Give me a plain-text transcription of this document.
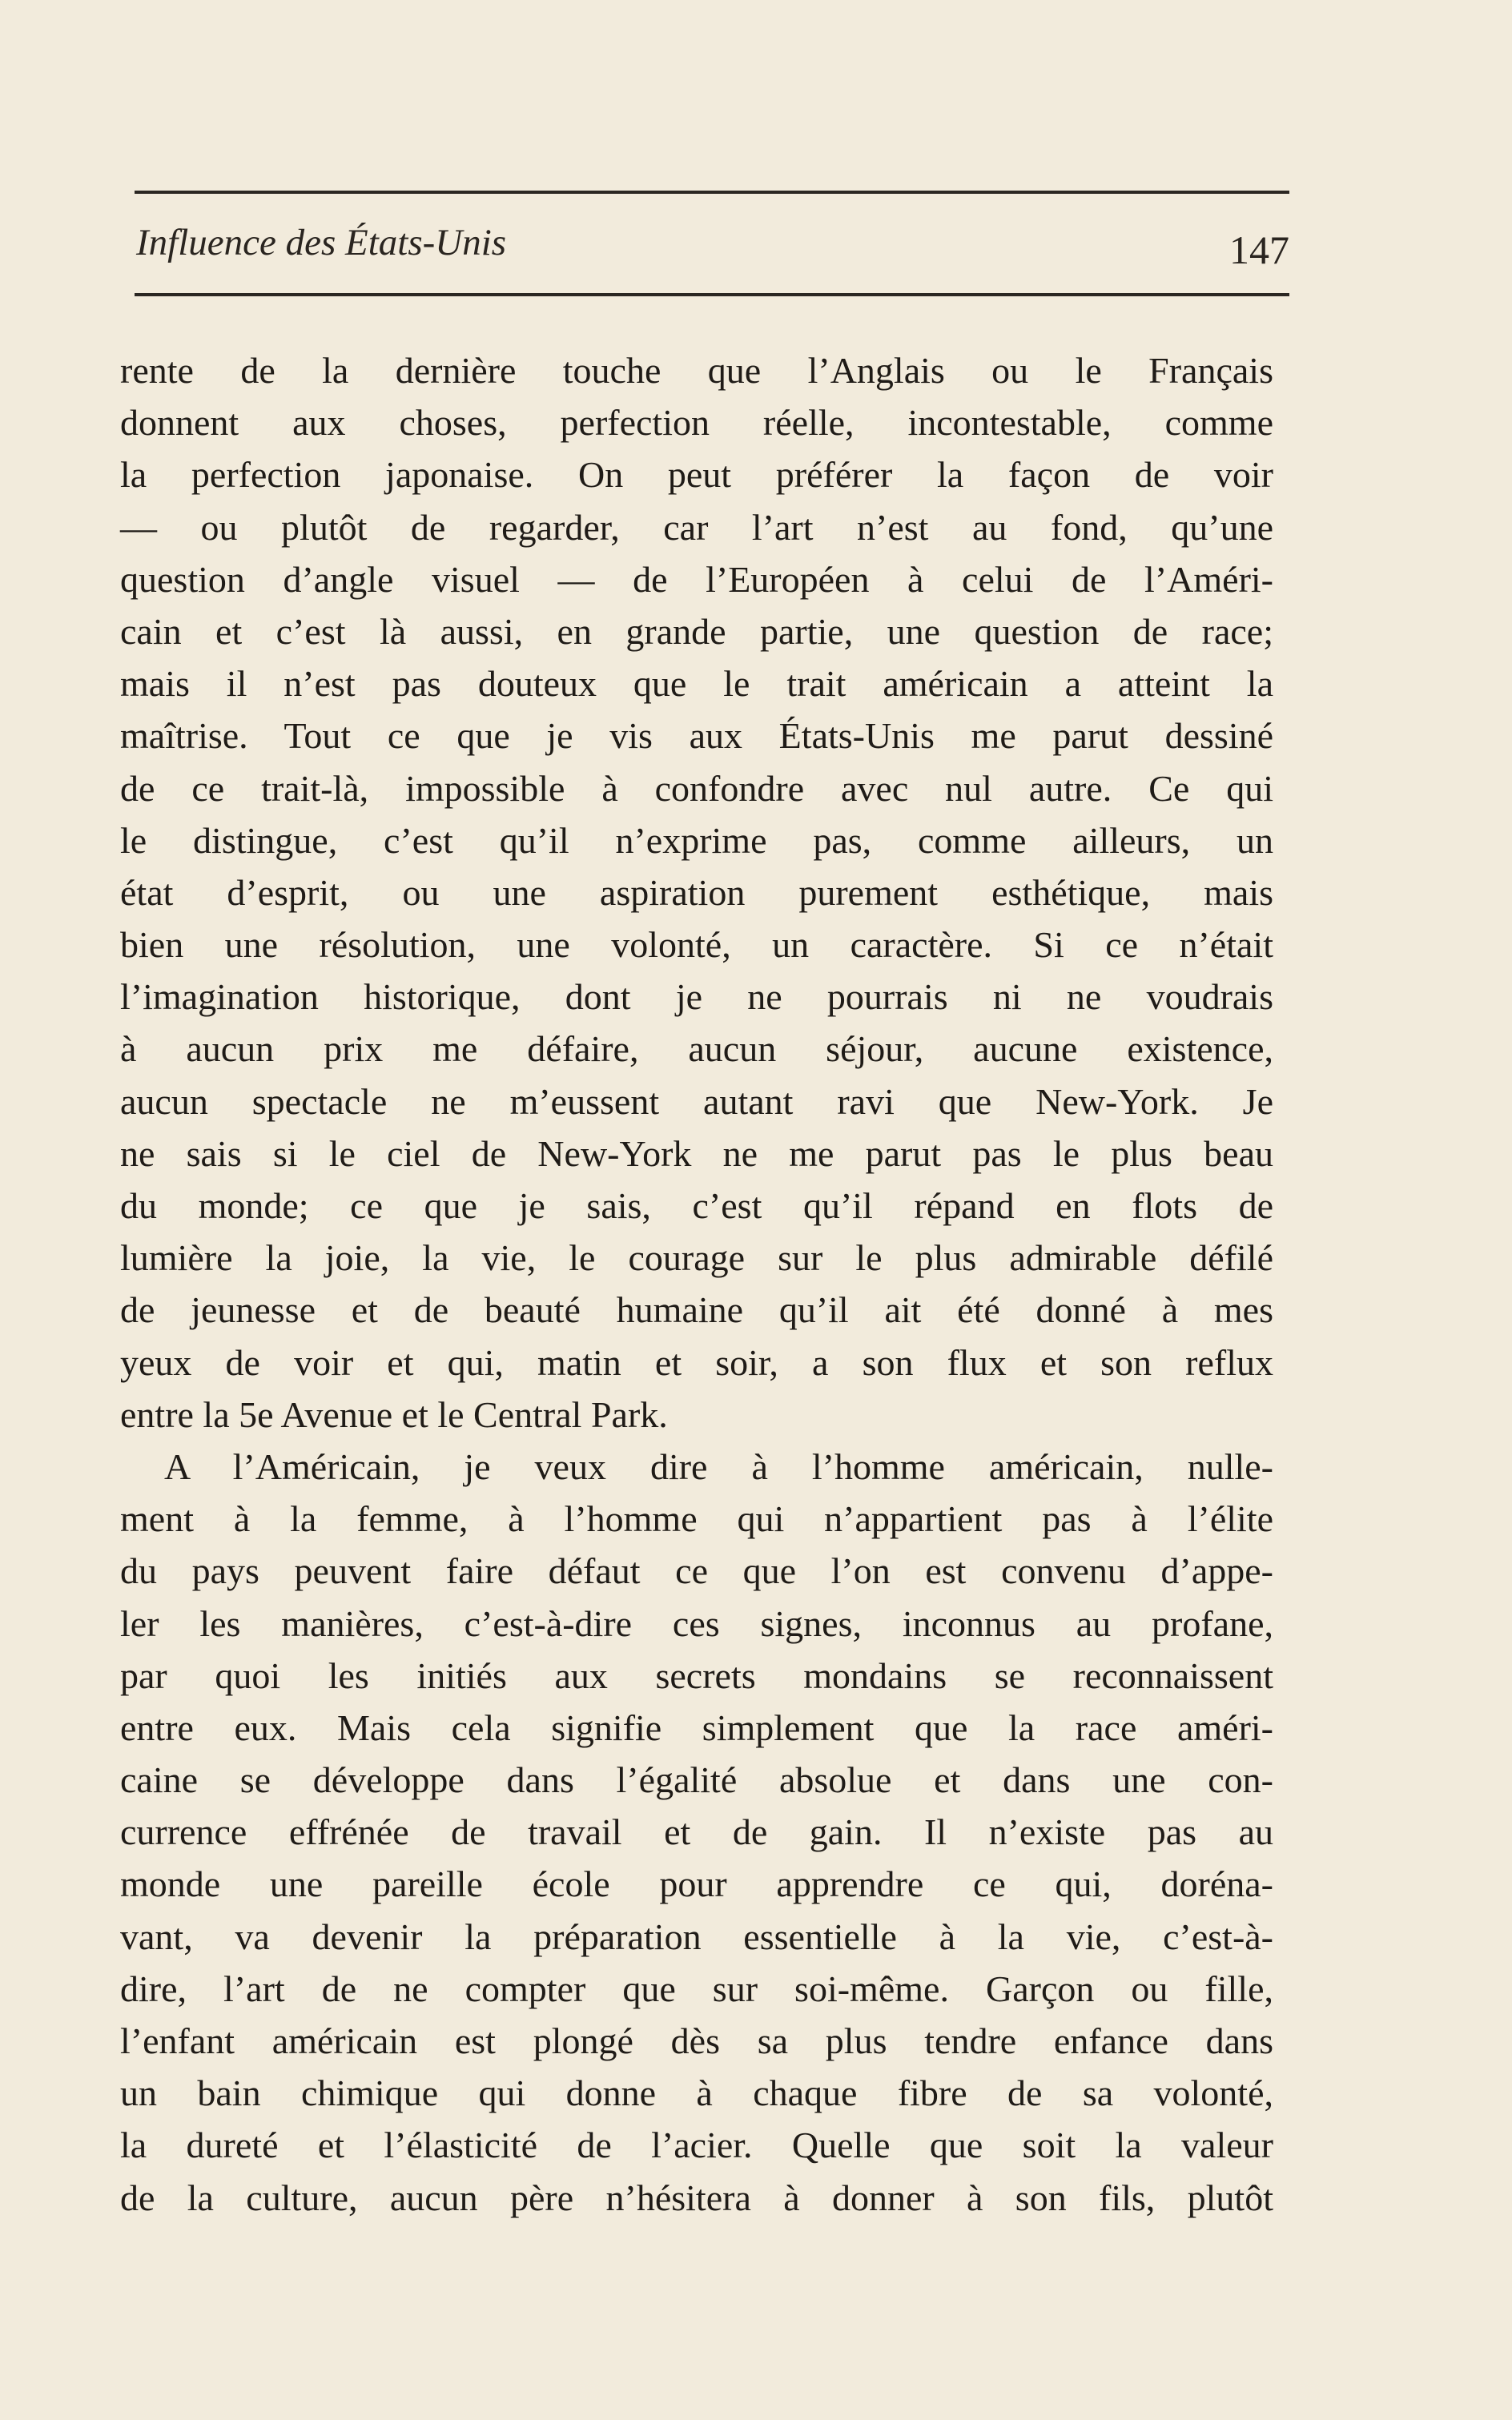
Influence des États-Unis	147
rente de la dernière touche que l’Anglais ou le Français
donnent aux choses, perfection réelle, incontestable, comme
la perfection japonaise. On peut préférer la façon de voir
— ou plutôt de regarder, car l’art n’est au fond, qu’une
question d’angle visuel — de l’Européen à celui de l’Améri-
cain et c’est là aussi, en grande partie, une question de race;
mais il n’est pas douteux que le trait américain a atteint la
maîtrise. Tout ce que je vis aux États-Unis me parut dessiné
de ce trait-là, impossible à confondre avec nul autre. Ce qui
le distingue, c’est qu’il n’exprime pas, comme ailleurs, un
état d’esprit, ou une aspiration purement esthétique, mais
bien une résolution, une volonté, un caractère. Si ce n’était
l’imagination historique, dont je ne pourrais ni ne voudrais
à aucun prix me défaire, aucun séjour, aucune existence,
aucun spectacle ne m’eussent autant ravi que New-York. Je
ne sais si le ciel de New-York ne me parut pas le plus beau
du monde; ce que je sais, c’est qu’il répand en flots de
lumière la joie, la vie, le courage sur le plus admirable défilé
de jeunesse et de beauté humaine qu’il ait été donné à mes
yeux de voir et qui, matin et soir, a son flux et son reflux
entre la 5e Avenue et le Central Park.
A l’Américain, je veux dire à l’homme américain, nulle-
ment à la femme, à l’homme qui n’appartient pas à l’élite
du pays peuvent faire défaut ce que l’on est convenu d’appe-
ler les manières, c’est-à-dire ces signes, inconnus au profane,
par quoi les initiés aux secrets mondains se reconnaissent
entre eux. Mais cela signifie simplement que la race améri-
caine se développe dans l’égalité absolue et dans une con-
currence effrénée de travail et de gain. Il n’existe pas au
monde une pareille école pour apprendre ce qui, doréna-
vant, va devenir la préparation essentielle à la vie, c’est-à-
dire, l’art de ne compter que sur soi-même. Garçon ou fille,
l’enfant américain est plongé dès sa plus tendre enfance dans
un bain chimique qui donne à chaque fibre de sa volonté,
la dureté et l’élasticité de l’acier. Quelle que soit la valeur
de la culture, aucun père n’hésitera à donner à son fils, plutôt
